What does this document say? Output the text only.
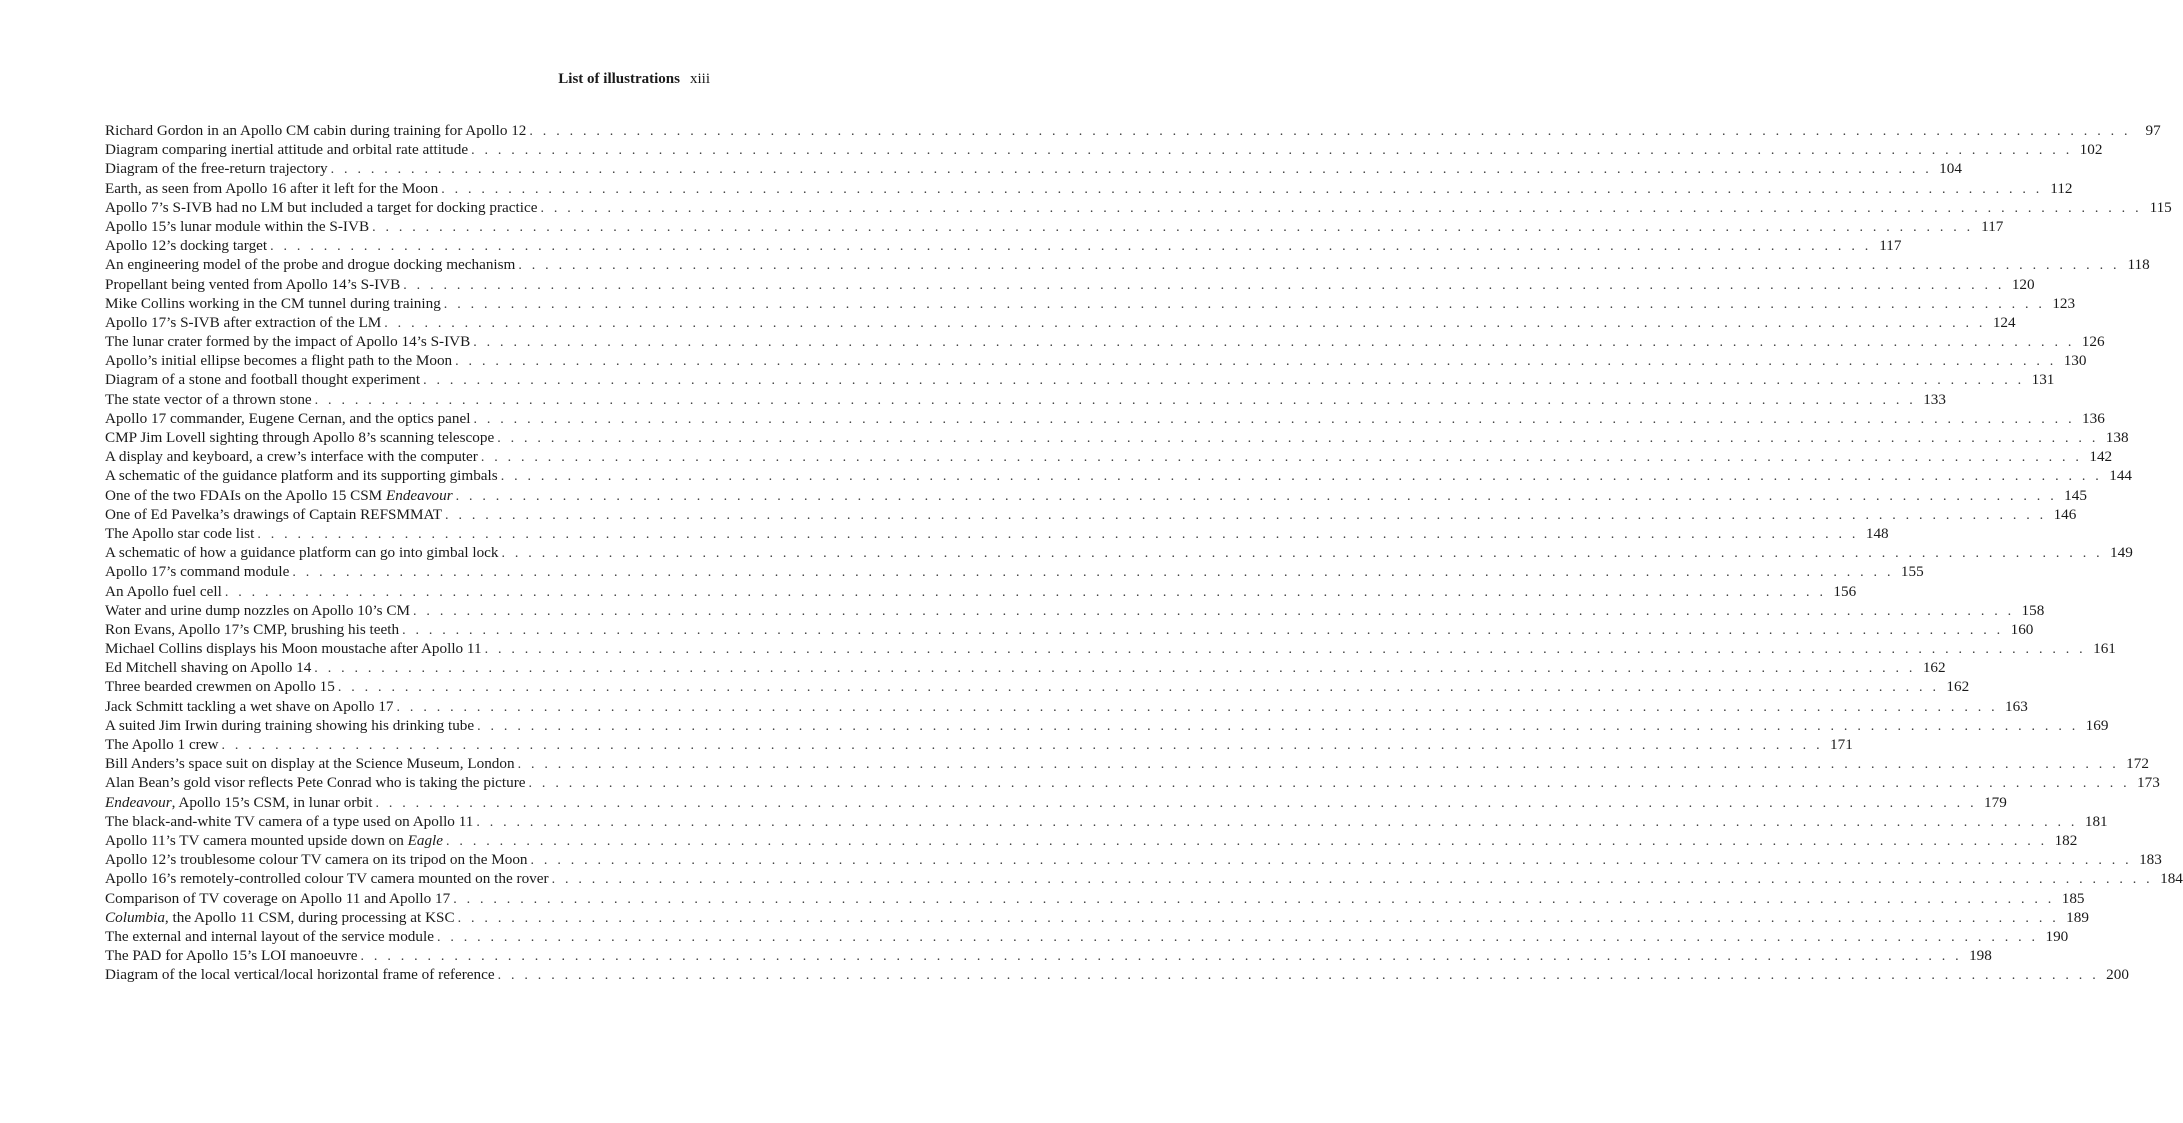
List of illustrations xiii
Richard Gordon in an Apollo CM cabin during training for Apollo 12 . . . . . . . . . . . . . . . . . . . . . . . . . . . . . . . . . . . . . . . . . . . . . . . . . . . . . . . . . . . . . . . . . . . . . . . . . . . . . . . . . . . . . . . . . . . . . . . . . . . . . . . . . . . . . . . . . . . . . . . . 97
Diagram comparing inertial attitude and orbital rate attitude . . . . . . . . . . . . . . . . . . . . . . . . . . . . . . . . . . . . . . . . . . . . . . . . . . . . . . . . . . . . . . . . . . . . . . . . . . . . . . . . . . . . . . . . . . . . . . . . . . . . . . . . . . . . . . . . . . . . . . . . 102
Diagram of the free-return trajectory . . . . . . . . . . . . . . . . . . . . . . . . . . . . . . . . . . . . . . . . . . . . . . . . . . . . . . . . . . . . . . . . . . . . . . . . . . . . . . . . . . . . . . . . . . . . . . . . . . . . . . . . . . . . . . . . . . . . . . . . 104
Earth, as seen from Apollo 16 after it left for the Moon . . . . . . . . . . . . . . . . . . . . . . . . . . . . . . . . . . . . . . . . . . . . . . . . . . . . . . . . . . . . . . . . . . . . . . . . . . . . . . . . . . . . . . . . . . . . . . . . . . . . . . . . . . . . . . . . . . . . . . . . 112
Apollo 7’s S-IVB had no LM but included a target for docking practice . . . . . . . . . . . . . . . . . . . . . . . . . . . . . . . . . . . . . . . . . . . . . . . . . . . . . . . . . . . . . . . . . . . . . . . . . . . . . . . . . . . . . . . . . . . . . . . . . . . . . . . . . . . . . . . . . . . . . . . . 115
Apollo 15’s lunar module within the S-IVB . . . . . . . . . . . . . . . . . . . . . . . . . . . . . . . . . . . . . . . . . . . . . . . . . . . . . . . . . . . . . . . . . . . . . . . . . . . . . . . . . . . . . . . . . . . . . . . . . . . . . . . . . . . . . . . . . . . . . . . . 117
Apollo 12’s docking target . . . . . . . . . . . . . . . . . . . . . . . . . . . . . . . . . . . . . . . . . . . . . . . . . . . . . . . . . . . . . . . . . . . . . . . . . . . . . . . . . . . . . . . . . . . . . . . . . . . . . . . . . . . . . . . . . . . . . . . . 117
An engineering model of the probe and drogue docking mechanism . . . . . . . . . . . . . . . . . . . . . . . . . . . . . . . . . . . . . . . . . . . . . . . . . . . . . . . . . . . . . . . . . . . . . . . . . . . . . . . . . . . . . . . . . . . . . . . . . . . . . . . . . . . . . . . . . . . . . . . . 118
Propellant being vented from Apollo 14’s S-IVB . . . . . . . . . . . . . . . . . . . . . . . . . . . . . . . . . . . . . . . . . . . . . . . . . . . . . . . . . . . . . . . . . . . . . . . . . . . . . . . . . . . . . . . . . . . . . . . . . . . . . . . . . . . . . . . . . . . . . . . . 120
Mike Collins working in the CM tunnel during training . . . . . . . . . . . . . . . . . . . . . . . . . . . . . . . . . . . . . . . . . . . . . . . . . . . . . . . . . . . . . . . . . . . . . . . . . . . . . . . . . . . . . . . . . . . . . . . . . . . . . . . . . . . . . . . . . . . . . . . . 123
Apollo 17’s S-IVB after extraction of the LM . . . . . . . . . . . . . . . . . . . . . . . . . . . . . . . . . . . . . . . . . . . . . . . . . . . . . . . . . . . . . . . . . . . . . . . . . . . . . . . . . . . . . . . . . . . . . . . . . . . . . . . . . . . . . . . . . . . . . . . . 124
The lunar crater formed by the impact of Apollo 14’s S-IVB . . . . . . . . . . . . . . . . . . . . . . . . . . . . . . . . . . . . . . . . . . . . . . . . . . . . . . . . . . . . . . . . . . . . . . . . . . . . . . . . . . . . . . . . . . . . . . . . . . . . . . . . . . . . . . . . . . . . . . . . 126
Apollo’s initial ellipse becomes a flight path to the Moon . . . . . . . . . . . . . . . . . . . . . . . . . . . . . . . . . . . . . . . . . . . . . . . . . . . . . . . . . . . . . . . . . . . . . . . . . . . . . . . . . . . . . . . . . . . . . . . . . . . . . . . . . . . . . . . . . . . . . . . . 130
Diagram of a stone and football thought experiment . . . . . . . . . . . . . . . . . . . . . . . . . . . . . . . . . . . . . . . . . . . . . . . . . . . . . . . . . . . . . . . . . . . . . . . . . . . . . . . . . . . . . . . . . . . . . . . . . . . . . . . . . . . . . . . . . . . . . . . . 131
The state vector of a thrown stone . . . . . . . . . . . . . . . . . . . . . . . . . . . . . . . . . . . . . . . . . . . . . . . . . . . . . . . . . . . . . . . . . . . . . . . . . . . . . . . . . . . . . . . . . . . . . . . . . . . . . . . . . . . . . . . . . . . . . . . . 133
Apollo 17 commander, Eugene Cernan, and the optics panel . . . . . . . . . . . . . . . . . . . . . . . . . . . . . . . . . . . . . . . . . . . . . . . . . . . . . . . . . . . . . . . . . . . . . . . . . . . . . . . . . . . . . . . . . . . . . . . . . . . . . . . . . . . . . . . . . . . . . . . . 136
CMP Jim Lovell sighting through Apollo 8’s scanning telescope . . . . . . . . . . . . . . . . . . . . . . . . . . . . . . . . . . . . . . . . . . . . . . . . . . . . . . . . . . . . . . . . . . . . . . . . . . . . . . . . . . . . . . . . . . . . . . . . . . . . . . . . . . . . . . . . . . . . . . . . 138
A display and keyboard, a crew’s interface with the computer . . . . . . . . . . . . . . . . . . . . . . . . . . . . . . . . . . . . . . . . . . . . . . . . . . . . . . . . . . . . . . . . . . . . . . . . . . . . . . . . . . . . . . . . . . . . . . . . . . . . . . . . . . . . . . . . . . . . . . . . 142
A schematic of the guidance platform and its supporting gimbals . . . . . . . . . . . . . . . . . . . . . . . . . . . . . . . . . . . . . . . . . . . . . . . . . . . . . . . . . . . . . . . . . . . . . . . . . . . . . . . . . . . . . . . . . . . . . . . . . . . . . . . . . . . . . . . . . . . . . . . . 144
One of the two FDAIs on the Apollo 15 CSM Endeavour . . . . . . . . . . . . . . . . . . . . . . . . . . . . . . . . . . . . . . . . . . . . . . . . . . . . . . . . . . . . . . . . . . . . . . . . . . . . . . . . . . . . . . . . . . . . . . . . . . . . . . . . . . . . . . . . . . . . . . . . 145
One of Ed Pavelka’s drawings of Captain REFSMMAT . . . . . . . . . . . . . . . . . . . . . . . . . . . . . . . . . . . . . . . . . . . . . . . . . . . . . . . . . . . . . . . . . . . . . . . . . . . . . . . . . . . . . . . . . . . . . . . . . . . . . . . . . . . . . . . . . . . . . . . . 146
The Apollo star code list . . . . . . . . . . . . . . . . . . . . . . . . . . . . . . . . . . . . . . . . . . . . . . . . . . . . . . . . . . . . . . . . . . . . . . . . . . . . . . . . . . . . . . . . . . . . . . . . . . . . . . . . . . . . . . . . . . . . . . . . 148
A schematic of how a guidance platform can go into gimbal lock . . . . . . . . . . . . . . . . . . . . . . . . . . . . . . . . . . . . . . . . . . . . . . . . . . . . . . . . . . . . . . . . . . . . . . . . . . . . . . . . . . . . . . . . . . . . . . . . . . . . . . . . . . . . . . . . . . . . . . . . 149
Apollo 17’s command module . . . . . . . . . . . . . . . . . . . . . . . . . . . . . . . . . . . . . . . . . . . . . . . . . . . . . . . . . . . . . . . . . . . . . . . . . . . . . . . . . . . . . . . . . . . . . . . . . . . . . . . . . . . . . . . . . . . . . . . . 155
An Apollo fuel cell . . . . . . . . . . . . . . . . . . . . . . . . . . . . . . . . . . . . . . . . . . . . . . . . . . . . . . . . . . . . . . . . . . . . . . . . . . . . . . . . . . . . . . . . . . . . . . . . . . . . . . . . . . . . . . . . . . . . . . . . 156
Water and urine dump nozzles on Apollo 10’s CM . . . . . . . . . . . . . . . . . . . . . . . . . . . . . . . . . . . . . . . . . . . . . . . . . . . . . . . . . . . . . . . . . . . . . . . . . . . . . . . . . . . . . . . . . . . . . . . . . . . . . . . . . . . . . . . . . . . . . . . . 158
Ron Evans, Apollo 17’s CMP, brushing his teeth . . . . . . . . . . . . . . . . . . . . . . . . . . . . . . . . . . . . . . . . . . . . . . . . . . . . . . . . . . . . . . . . . . . . . . . . . . . . . . . . . . . . . . . . . . . . . . . . . . . . . . . . . . . . . . . . . . . . . . . . 160
Michael Collins displays his Moon moustache after Apollo 11 . . . . . . . . . . . . . . . . . . . . . . . . . . . . . . . . . . . . . . . . . . . . . . . . . . . . . . . . . . . . . . . . . . . . . . . . . . . . . . . . . . . . . . . . . . . . . . . . . . . . . . . . . . . . . . . . . . . . . . . . 161
Ed Mitchell shaving on Apollo 14 . . . . . . . . . . . . . . . . . . . . . . . . . . . . . . . . . . . . . . . . . . . . . . . . . . . . . . . . . . . . . . . . . . . . . . . . . . . . . . . . . . . . . . . . . . . . . . . . . . . . . . . . . . . . . . . . . . . . . . . . 162
Three bearded crewmen on Apollo 15 . . . . . . . . . . . . . . . . . . . . . . . . . . . . . . . . . . . . . . . . . . . . . . . . . . . . . . . . . . . . . . . . . . . . . . . . . . . . . . . . . . . . . . . . . . . . . . . . . . . . . . . . . . . . . . . . . . . . . . . . 162
Jack Schmitt tackling a wet shave on Apollo 17 . . . . . . . . . . . . . . . . . . . . . . . . . . . . . . . . . . . . . . . . . . . . . . . . . . . . . . . . . . . . . . . . . . . . . . . . . . . . . . . . . . . . . . . . . . . . . . . . . . . . . . . . . . . . . . . . . . . . . . . . 163
A suited Jim Irwin during training showing his drinking tube . . . . . . . . . . . . . . . . . . . . . . . . . . . . . . . . . . . . . . . . . . . . . . . . . . . . . . . . . . . . . . . . . . . . . . . . . . . . . . . . . . . . . . . . . . . . . . . . . . . . . . . . . . . . . . . . . . . . . . . . 169
The Apollo 1 crew . . . . . . . . . . . . . . . . . . . . . . . . . . . . . . . . . . . . . . . . . . . . . . . . . . . . . . . . . . . . . . . . . . . . . . . . . . . . . . . . . . . . . . . . . . . . . . . . . . . . . . . . . . . . . . . . . . . . . . . . 171
Bill Anders’s space suit on display at the Science Museum, London . . . . . . . . . . . . . . . . . . . . . . . . . . . . . . . . . . . . . . . . . . . . . . . . . . . . . . . . . . . . . . . . . . . . . . . . . . . . . . . . . . . . . . . . . . . . . . . . . . . . . . . . . . . . . . . . . . . . . . . . 172
Alan Bean’s gold visor reflects Pete Conrad who is taking the picture . . . . . . . . . . . . . . . . . . . . . . . . . . . . . . . . . . . . . . . . . . . . . . . . . . . . . . . . . . . . . . . . . . . . . . . . . . . . . . . . . . . . . . . . . . . . . . . . . . . . . . . . . . . . . . . . . . . . . . . . 173
Endeavour, Apollo 15’s CSM, in lunar orbit . . . . . . . . . . . . . . . . . . . . . . . . . . . . . . . . . . . . . . . . . . . . . . . . . . . . . . . . . . . . . . . . . . . . . . . . . . . . . . . . . . . . . . . . . . . . . . . . . . . . . . . . . . . . . . . . . . . . . . . . 179
The black-and-white TV camera of a type used on Apollo 11 . . . . . . . . . . . . . . . . . . . . . . . . . . . . . . . . . . . . . . . . . . . . . . . . . . . . . . . . . . . . . . . . . . . . . . . . . . . . . . . . . . . . . . . . . . . . . . . . . . . . . . . . . . . . . . . . . . . . . . . . 181
Apollo 11’s TV camera mounted upside down on Eagle . . . . . . . . . . . . . . . . . . . . . . . . . . . . . . . . . . . . . . . . . . . . . . . . . . . . . . . . . . . . . . . . . . . . . . . . . . . . . . . . . . . . . . . . . . . . . . . . . . . . . . . . . . . . . . . . . . . . . . . . 182
Apollo 12’s troublesome colour TV camera on its tripod on the Moon . . . . . . . . . . . . . . . . . . . . . . . . . . . . . . . . . . . . . . . . . . . . . . . . . . . . . . . . . . . . . . . . . . . . . . . . . . . . . . . . . . . . . . . . . . . . . . . . . . . . . . . . . . . . . . . . . . . . . . . . 183
Apollo 16’s remotely-controlled colour TV camera mounted on the rover . . . . . . . . . . . . . . . . . . . . . . . . . . . . . . . . . . . . . . . . . . . . . . . . . . . . . . . . . . . . . . . . . . . . . . . . . . . . . . . . . . . . . . . . . . . . . . . . . . . . . . . . . . . . . . . . . . . . . . . . 184
Comparison of TV coverage on Apollo 11 and Apollo 17 . . . . . . . . . . . . . . . . . . . . . . . . . . . . . . . . . . . . . . . . . . . . . . . . . . . . . . . . . . . . . . . . . . . . . . . . . . . . . . . . . . . . . . . . . . . . . . . . . . . . . . . . . . . . . . . . . . . . . . . . 185
Columbia, the Apollo 11 CSM, during processing at KSC . . . . . . . . . . . . . . . . . . . . . . . . . . . . . . . . . . . . . . . . . . . . . . . . . . . . . . . . . . . . . . . . . . . . . . . . . . . . . . . . . . . . . . . . . . . . . . . . . . . . . . . . . . . . . . . . . . . . . . . . 189
The external and internal layout of the service module . . . . . . . . . . . . . . . . . . . . . . . . . . . . . . . . . . . . . . . . . . . . . . . . . . . . . . . . . . . . . . . . . . . . . . . . . . . . . . . . . . . . . . . . . . . . . . . . . . . . . . . . . . . . . . . . . . . . . . . . 190
The PAD for Apollo 15’s LOI manoeuvre . . . . . . . . . . . . . . . . . . . . . . . . . . . . . . . . . . . . . . . . . . . . . . . . . . . . . . . . . . . . . . . . . . . . . . . . . . . . . . . . . . . . . . . . . . . . . . . . . . . . . . . . . . . . . . . . . . . . . . . . 198
Diagram of the local vertical/local horizontal frame of reference . . . . . . . . . . . . . . . . . . . . . . . . . . . . . . . . . . . . . . . . . . . . . . . . . . . . . . . . . . . . . . . . . . . . . . . . . . . . . . . . . . . . . . . . . . . . . . . . . . . . . . . . . . . . . . . . . . . . . . . . 200
